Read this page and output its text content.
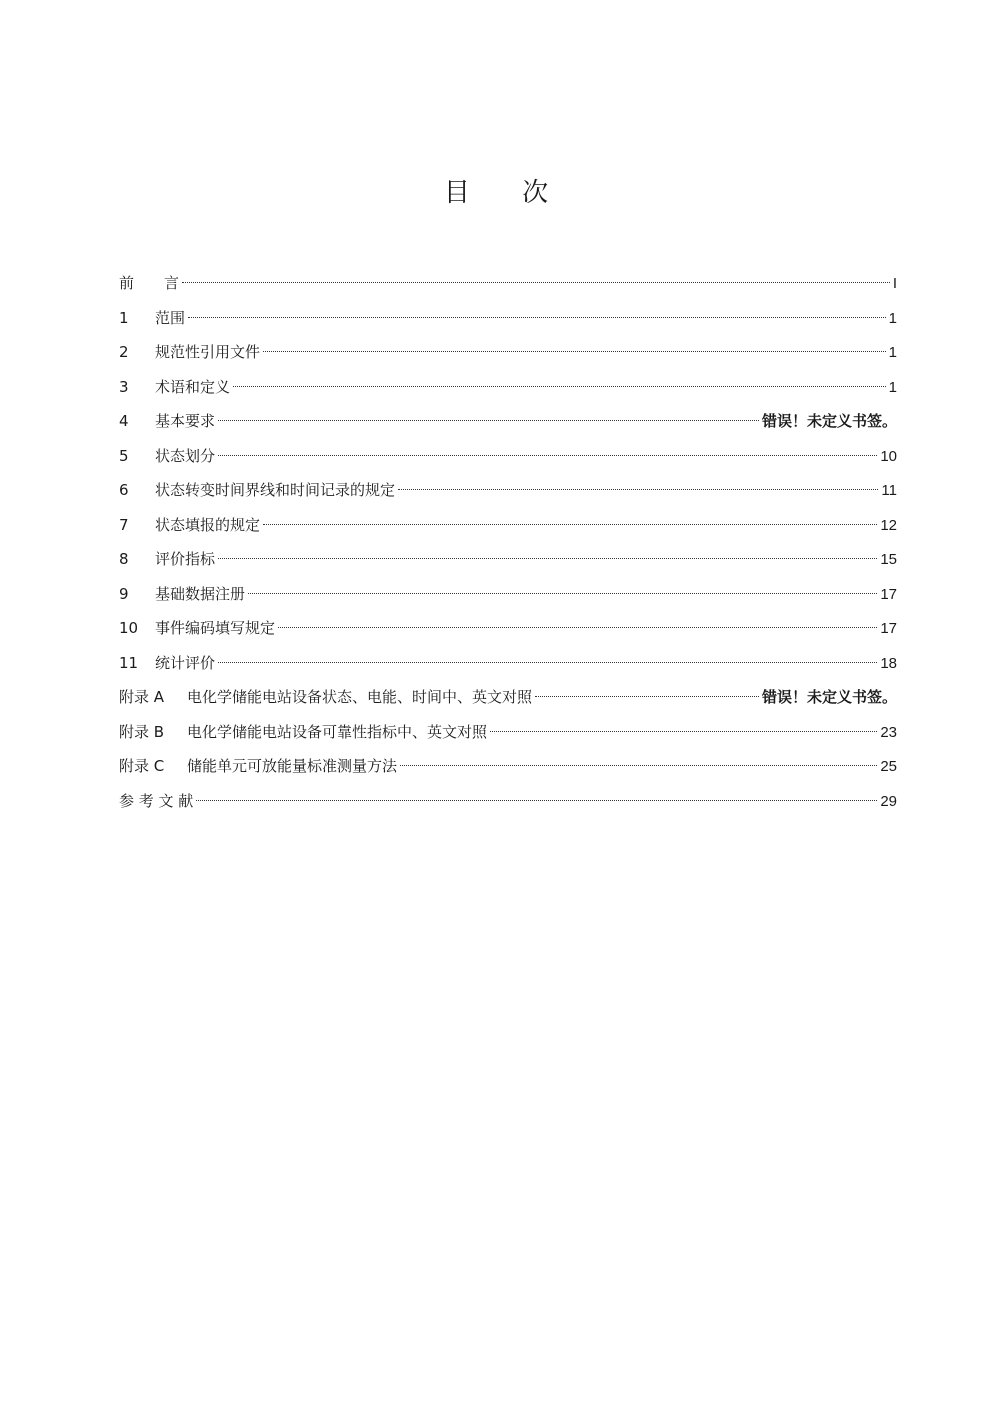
目 次
前　　言	I
1	范围	1
2	规范性引用文件	1
3	术语和定义	1
4	基本要求	错误！未定义书签。
5	状态划分	10
6	状态转变时间界线和时间记录的规定	11
7	状态填报的规定	12
8	评价指标	15
9	基础数据注册	17
10	事件编码填写规定	17
11	统计评价	18
附录 A	电化学储能电站设备状态、电能、时间中、英文对照	错误！未定义书签。
附录 B	电化学储能电站设备可靠性指标中、英文对照	23
附录 C	储能单元可放能量标准测量方法	25
参 考 文 献	29
